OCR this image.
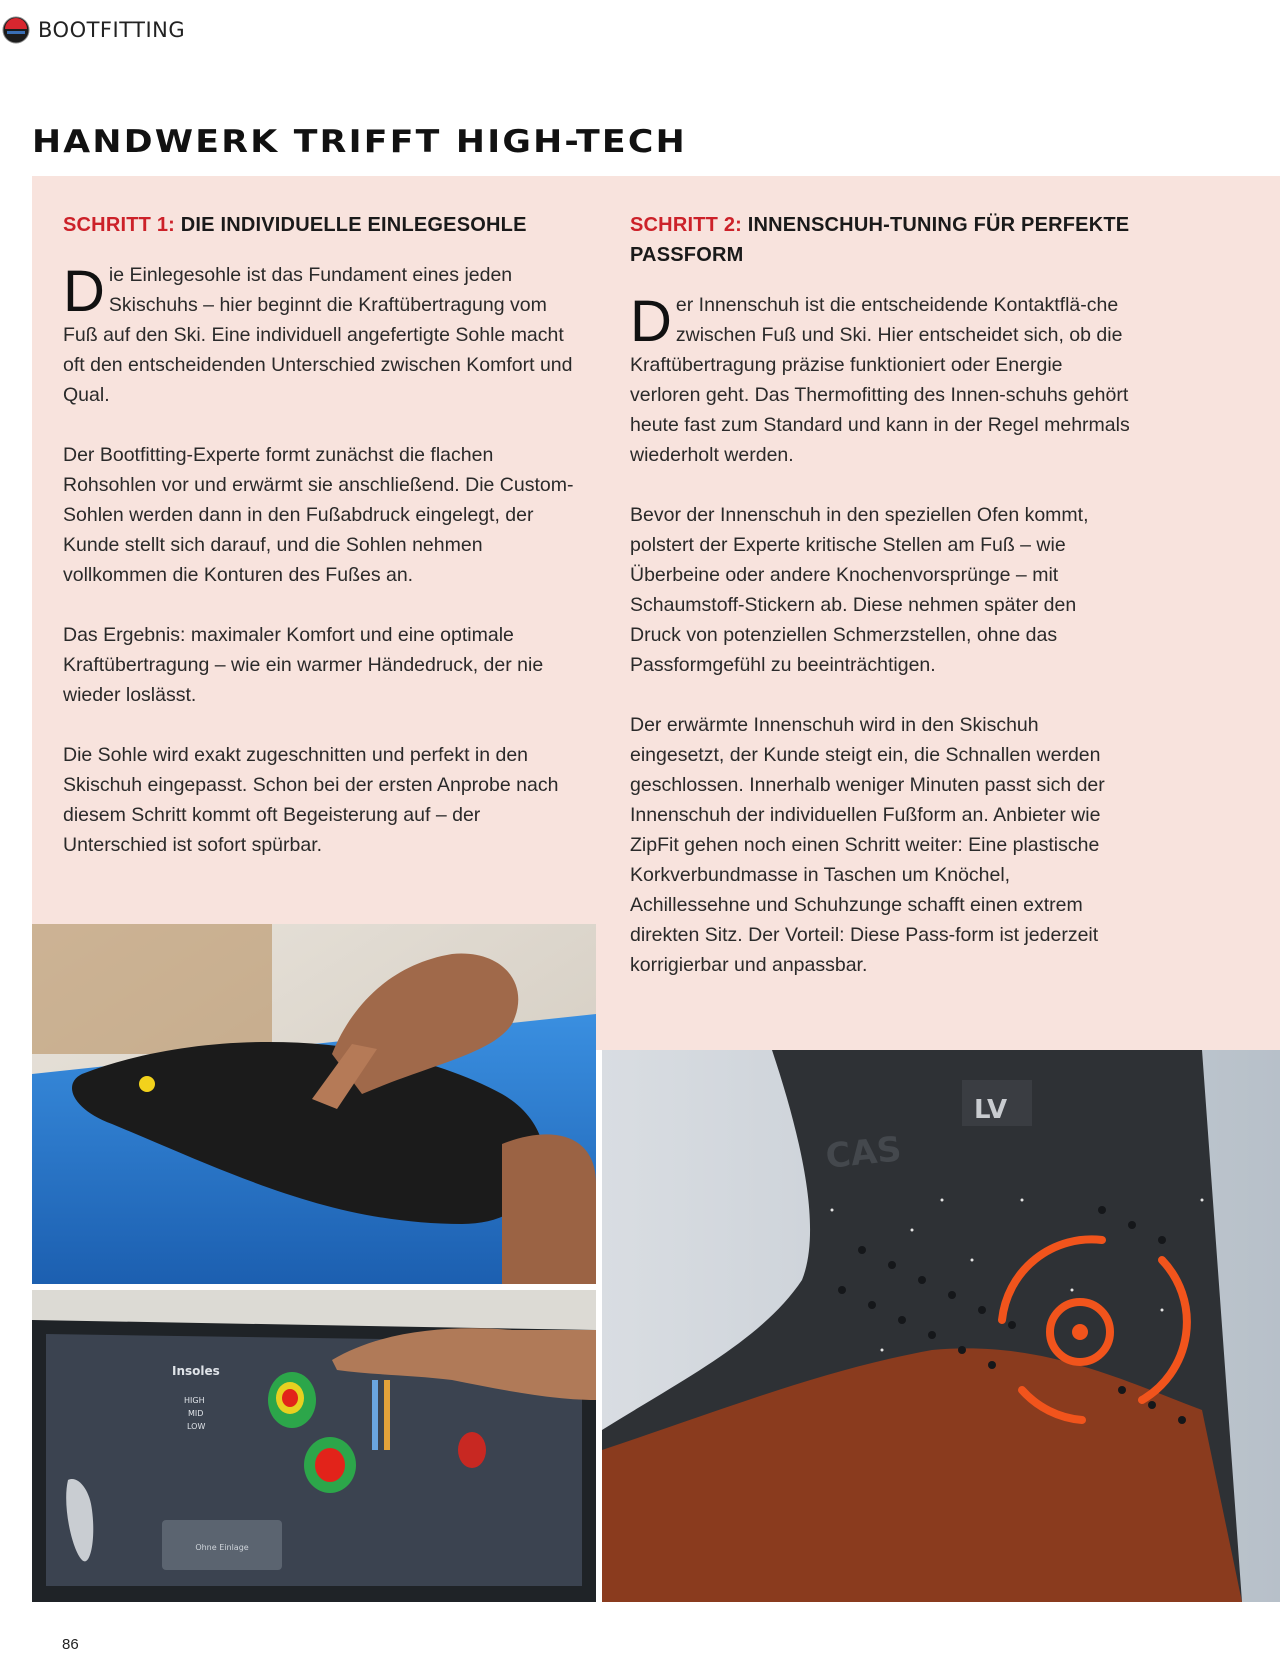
BOOTFITTING
HANDWERK TRIFFT HIGH-TECH
SCHRITT 1: DIE INDIVIDUELLE EINLEGESOHLE

Die Einlegesohle ist das Fundament eines jeden Skischuhs – hier beginnt die Kraftübertragung vom Fuß auf den Ski. Eine individuell angefertigte Sohle macht oft den entscheidenden Unterschied zwischen Komfort und Qual.

Der Bootfitting-Experte formt zunächst die flachen Rohsohlen vor und erwärmt sie anschließend. Die Custom-Sohlen werden dann in den Fußabdruck eingelegt, der Kunde stellt sich darauf, und die Sohlen nehmen vollkommen die Konturen des Fußes an.

Das Ergebnis: maximaler Komfort und eine optimale Kraftübertragung – wie ein warmer Händedruck, der nie wieder loslässt.

Die Sohle wird exakt zugeschnitten und perfekt in den Skischuh eingepasst. Schon bei der ersten Anprobe nach diesem Schritt kommt oft Begeisterung auf – der Unterschied ist sofort spürbar.

SCHRITT 2: INNENSCHUH-TUNING FÜR PERFEKTE PASSFORM

Der Innenschuh ist die entscheidende Kontaktflä-che zwischen Fuß und Ski. Hier entscheidet sich, ob die Kraftübertragung präzise funktioniert oder Energie verloren geht. Das Thermofitting des Innen-schuhs gehört heute fast zum Standard und kann in der Regel mehrmals wiederholt werden.

Bevor der Innenschuh in den speziellen Ofen kommt, polstert der Experte kritische Stellen am Fuß – wie Überbeine oder andere Knochenvorsprünge – mit Schaumstoff-Stickern ab. Diese nehmen später den Druck von potenziellen Schmerzstellen, ohne das Passformgefühl zu beeinträchtigen.

Der erwärmte Innenschuh wird in den Skischuh eingesetzt, der Kunde steigt ein, die Schnallen werden geschlossen. Innerhalb weniger Minuten passt sich der Innenschuh der individuellen Fußform an. Anbieter wie ZipFit gehen noch einen Schritt weiter: Eine plastische Korkverbundmasse in Taschen um Knöchel, Achillessehne und Schuhzunge schafft einen extrem direkten Sitz. Der Vorteil: Diese Pass-form ist jederzeit korrigierbar und anpassbar.

Ohne Einlage
Insoles
HIGH
MID
LOW
CAS
LV
86
